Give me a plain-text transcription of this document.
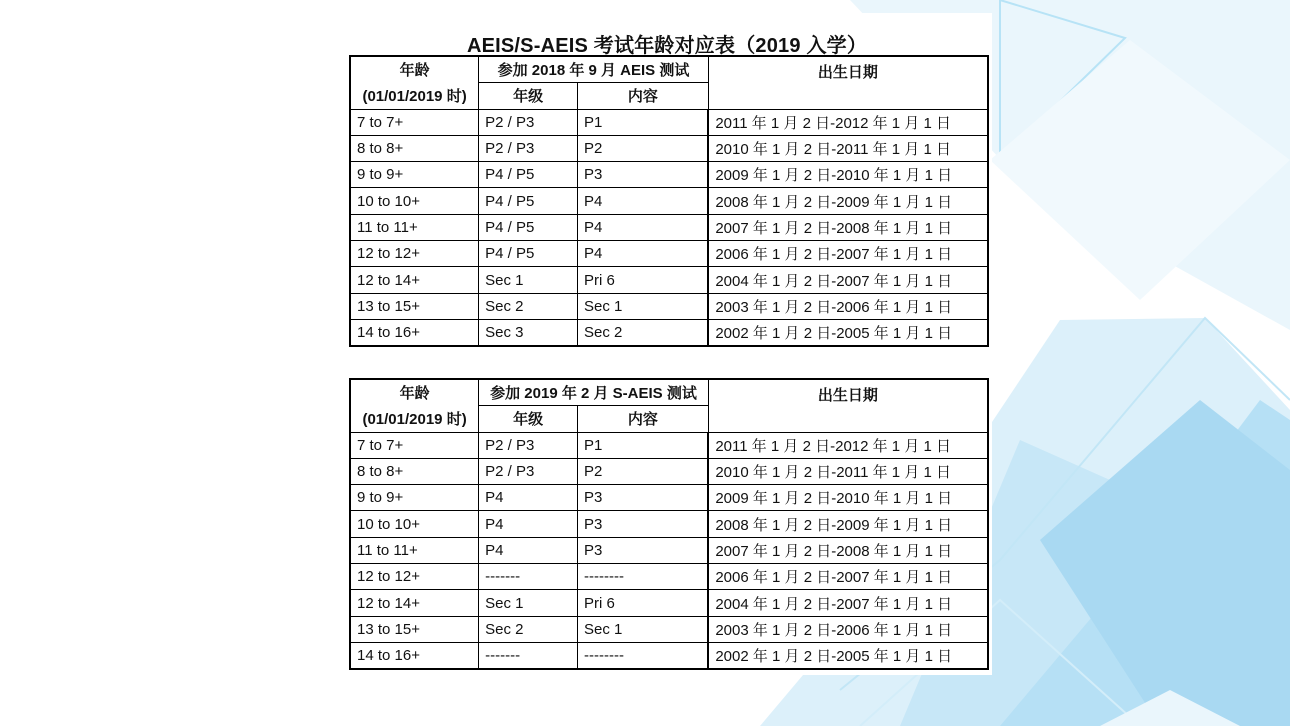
AEIS/S-AEIS 考试年龄对应表（2019 入学）
年龄	参加 2018 年 9 月 AEIS 测试		出生日期
(01/01/2019 时)	年级	内容	
7 to 7+	P2 / P3	P1	2011 年 1 月 2 日-2012 年 1 月 1 日
8 to 8+	P2 / P3	P2	2010 年 1 月 2 日-2011 年 1 月 1 日
9 to 9+	P4 / P5	P3	2009 年 1 月 2 日-2010 年 1 月 1 日
10 to 10+	P4 / P5	P4	2008 年 1 月 2 日-2009 年 1 月 1 日
11 to 11+	P4 / P5	P4	2007 年 1 月 2 日-2008 年 1 月 1 日
12 to 12+	P4 / P5	P4	2006 年 1 月 2 日-2007 年 1 月 1 日
12 to 14+	Sec 1	Pri 6	2004 年 1 月 2 日-2007 年 1 月 1 日
13 to 15+	Sec 2	Sec 1	2003 年 1 月 2 日-2006 年 1 月 1 日
14 to 16+	Sec 3	Sec 2	2002 年 1 月 2 日-2005 年 1 月 1 日
年龄	参加 2019 年 2 月 S-AEIS 测试		出生日期
(01/01/2019 时)	年级	内容	
7 to 7+	P2 / P3	P1	2011 年 1 月 2 日-2012 年 1 月 1 日
8 to 8+	P2 / P3	P2	2010 年 1 月 2 日-2011 年 1 月 1 日
9 to 9+	P4	P3	2009 年 1 月 2 日-2010 年 1 月 1 日
10 to 10+	P4	P3	2008 年 1 月 2 日-2009 年 1 月 1 日
11 to 11+	P4	P3	2007 年 1 月 2 日-2008 年 1 月 1 日
12 to 12+	-------	--------	2006 年 1 月 2 日-2007 年 1 月 1 日
12 to 14+	Sec 1	Pri 6	2004 年 1 月 2 日-2007 年 1 月 1 日
13 to 15+	Sec 2	Sec 1	2003 年 1 月 2 日-2006 年 1 月 1 日
14 to 16+	-------	--------	2002 年 1 月 2 日-2005 年 1 月 1 日
